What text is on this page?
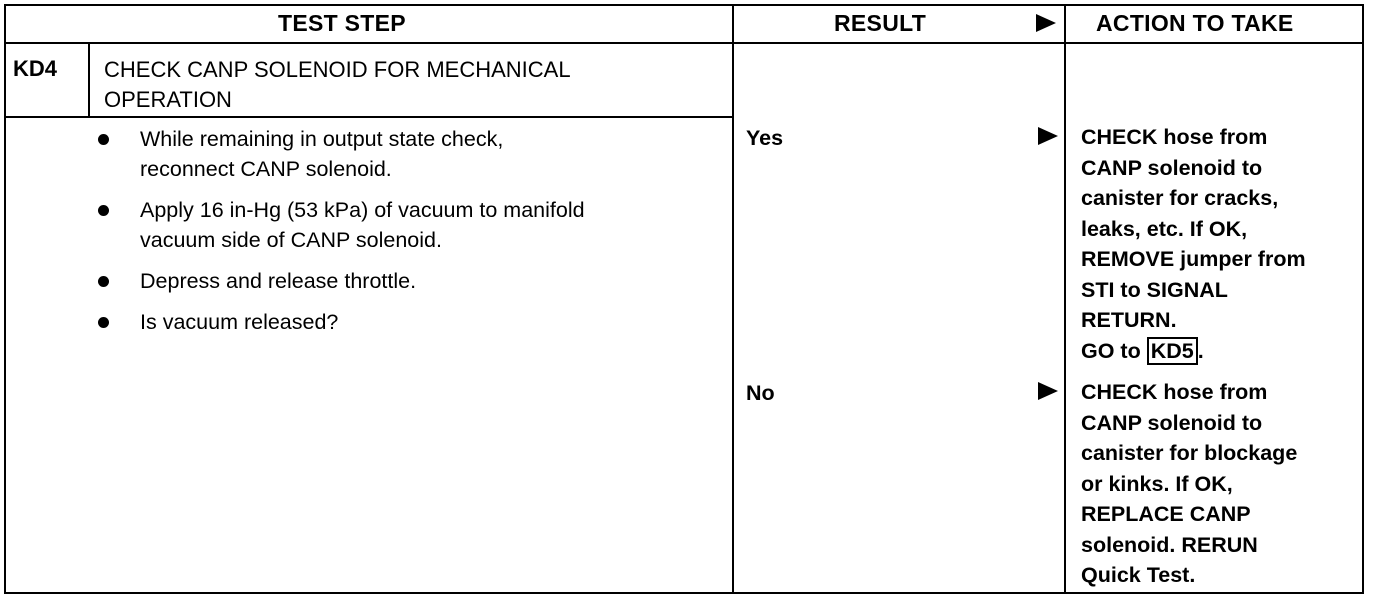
TEST STEP	RESULT	ACTION TO TAKE
KD4 CHECK CANP SOLENOID FOR MECHANICAL
OPERATION
While remaining in output state check,
reconnect CANP solenoid.
Apply 16 in-Hg (53 kPa) of vacuum to manifold
vacuum side of CANP solenoid.
Depress and release throttle.
Is vacuum released?
Yes
No
CHECK hose from
CANP solenoid to
canister for cracks,
leaks, etc. If OK,
REMOVE jumper from
STI to SIGNAL
RETURN.
GO to KD5 .
CHECK hose from
CANP solenoid to
canister for blockage
or kinks. If OK,
REPLACE CANP
solenoid. RERUN
Quick Test.
